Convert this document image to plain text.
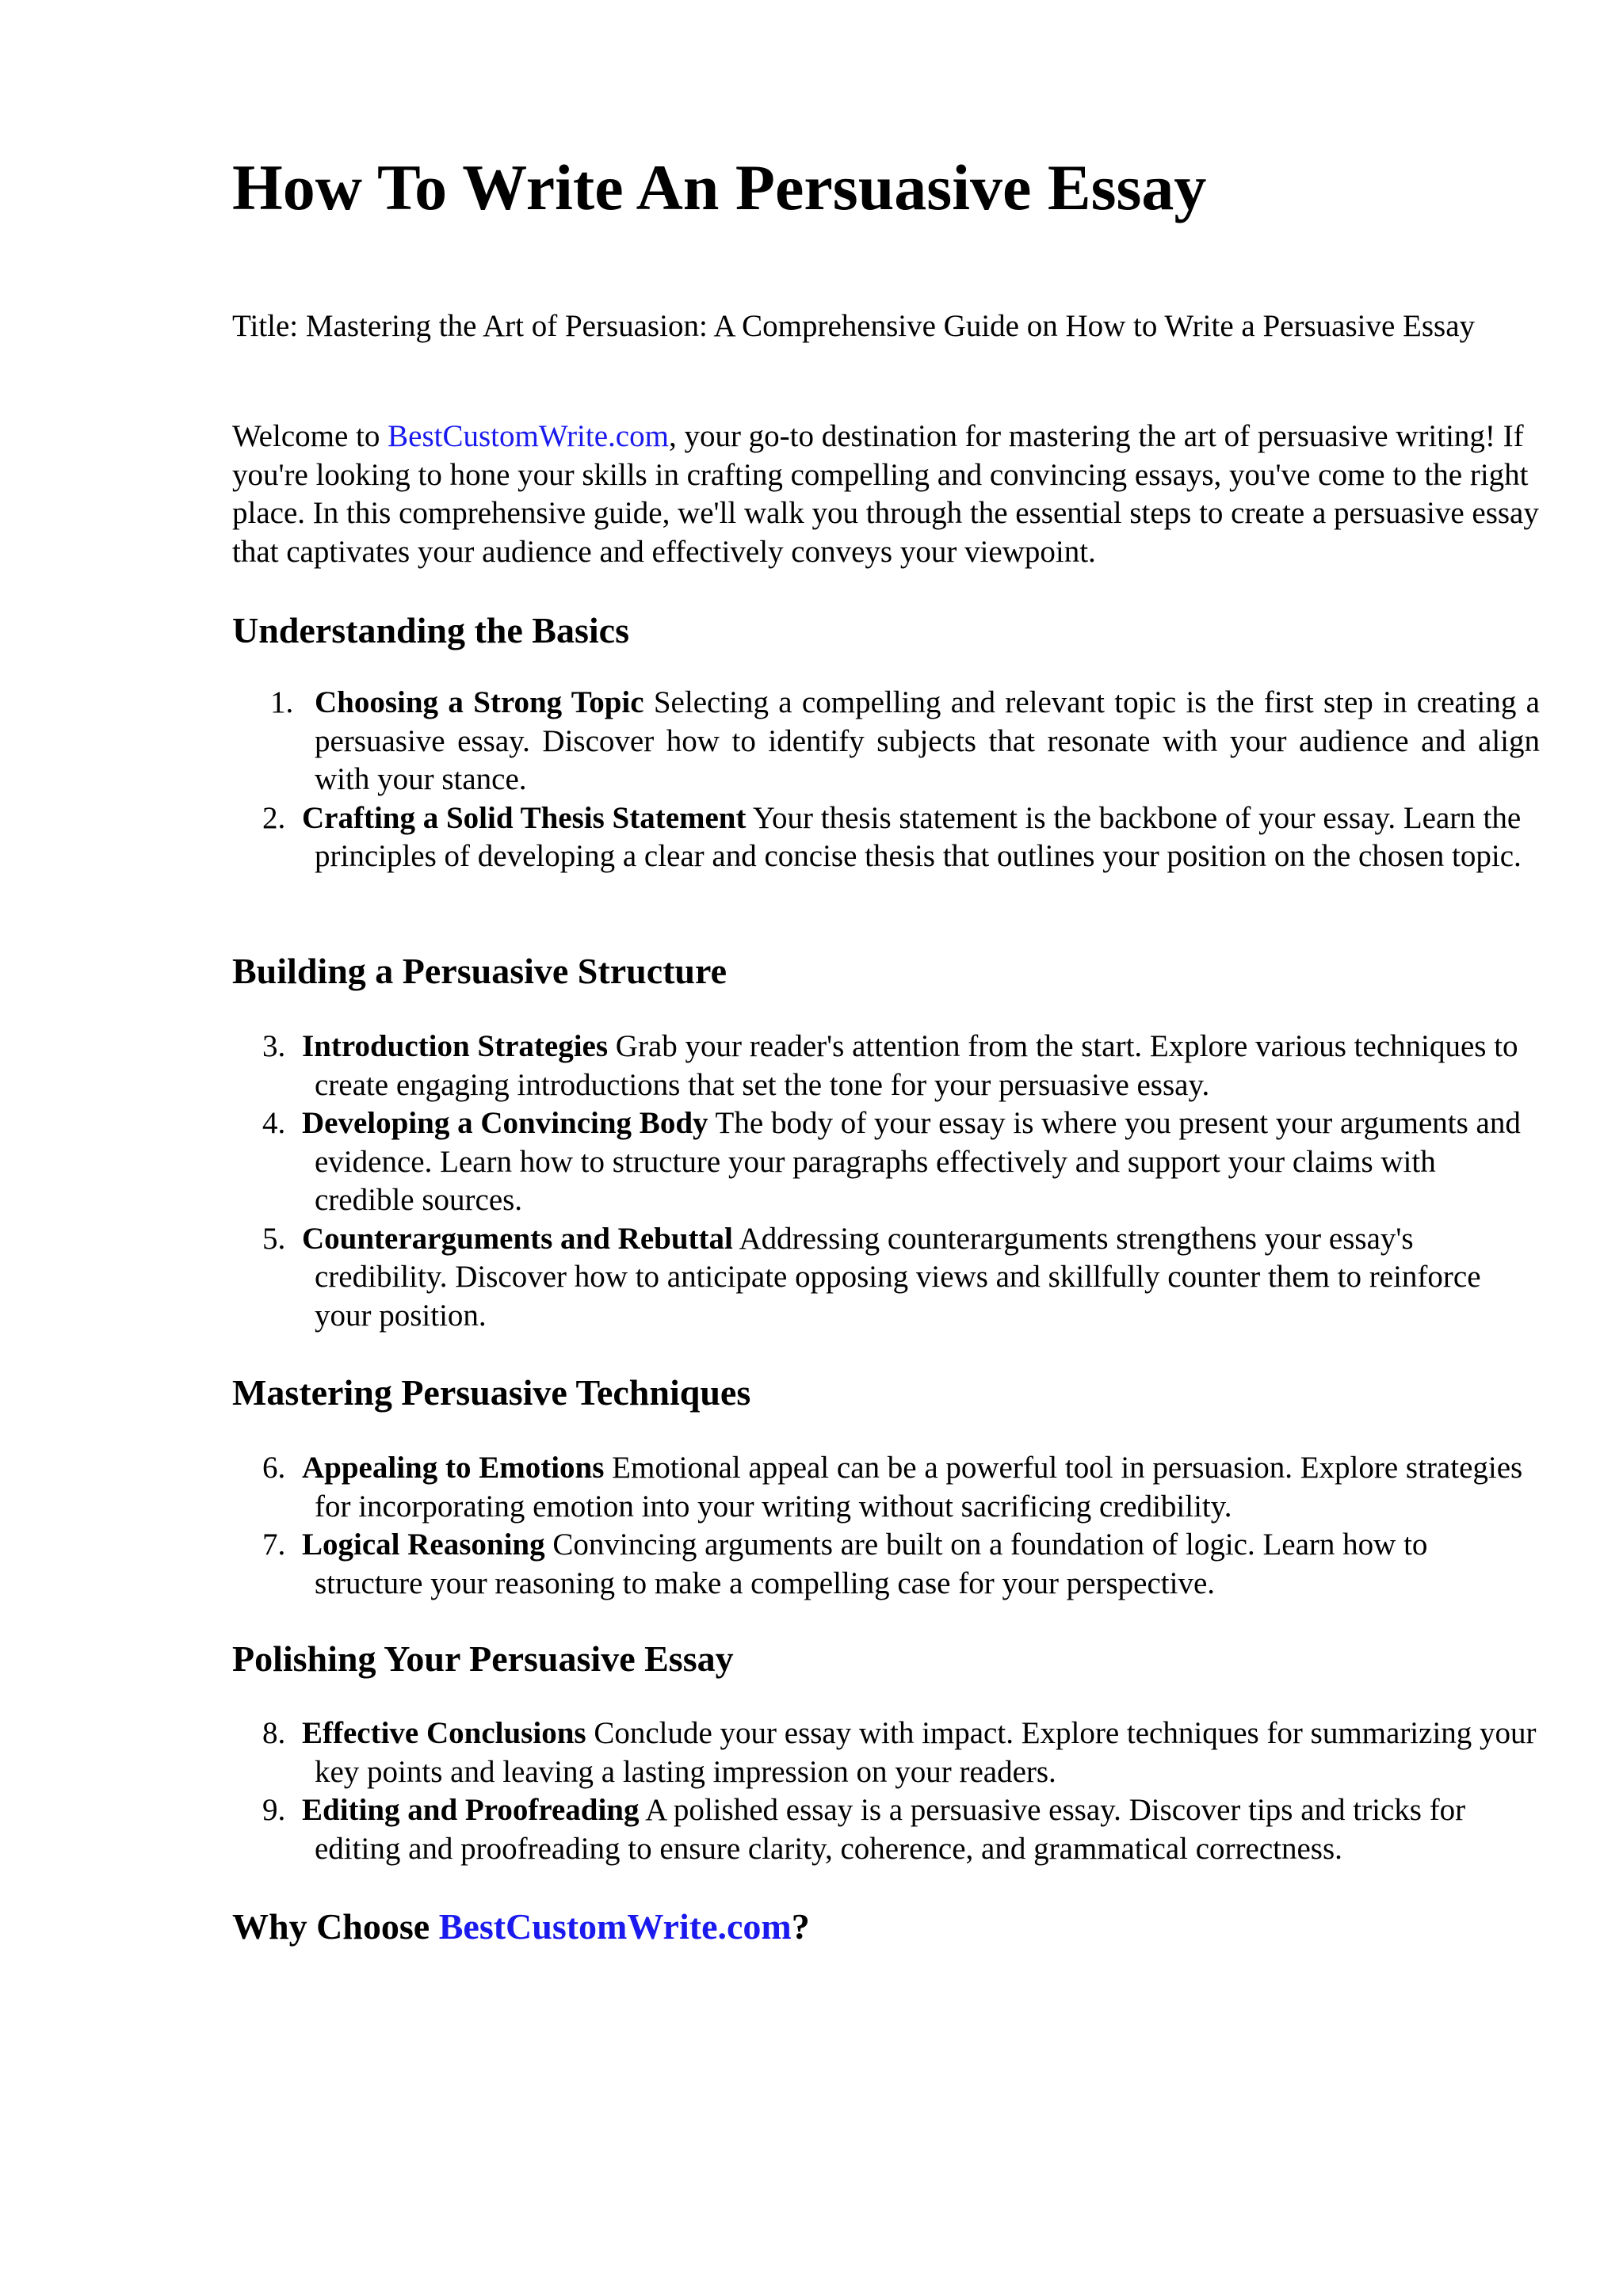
How To Write An Persuasive Essay

Title: Mastering the Art of Persuasion: A Comprehensive Guide on How to Write a Persuasive Essay

Welcome to BestCustomWrite.com, your go-to destination for mastering the art of persuasive writing! If you're looking to hone your skills in crafting compelling and convincing essays, you've come to the right place. In this comprehensive guide, we'll walk you through the essential steps to create a persuasive essay that captivates your audience and effectively conveys your viewpoint.

Understanding the Basics
1. Choosing a Strong Topic Selecting a compelling and relevant topic is the first step in creating a persuasive essay. Discover how to identify subjects that resonate with your audience and align with your stance.
2. Crafting a Solid Thesis Statement Your thesis statement is the backbone of your essay. Learn the principles of developing a clear and concise thesis that outlines your position on the chosen topic.
Building a Persuasive Structure
3. Introduction Strategies Grab your reader's attention from the start. Explore various techniques to create engaging introductions that set the tone for your persuasive essay.
4. Developing a Convincing Body The body of your essay is where you present your arguments and evidence. Learn how to structure your paragraphs effectively and support your claims with credible sources.
5. Counterarguments and Rebuttal Addressing counterarguments strengthens your essay's credibility. Discover how to anticipate opposing views and skillfully counter them to reinforce your position.
Mastering Persuasive Techniques
6. Appealing to Emotions Emotional appeal can be a powerful tool in persuasion. Explore strategies for incorporating emotion into your writing without sacrificing credibility.
7. Logical Reasoning Convincing arguments are built on a foundation of logic. Learn how to structure your reasoning to make a compelling case for your perspective.
Polishing Your Persuasive Essay
8. Effective Conclusions Conclude your essay with impact. Explore techniques for summarizing your key points and leaving a lasting impression on your readers.
9. Editing and Proofreading A polished essay is a persuasive essay. Discover tips and tricks for editing and proofreading to ensure clarity, coherence, and grammatical correctness.
Why Choose BestCustomWrite.com?
